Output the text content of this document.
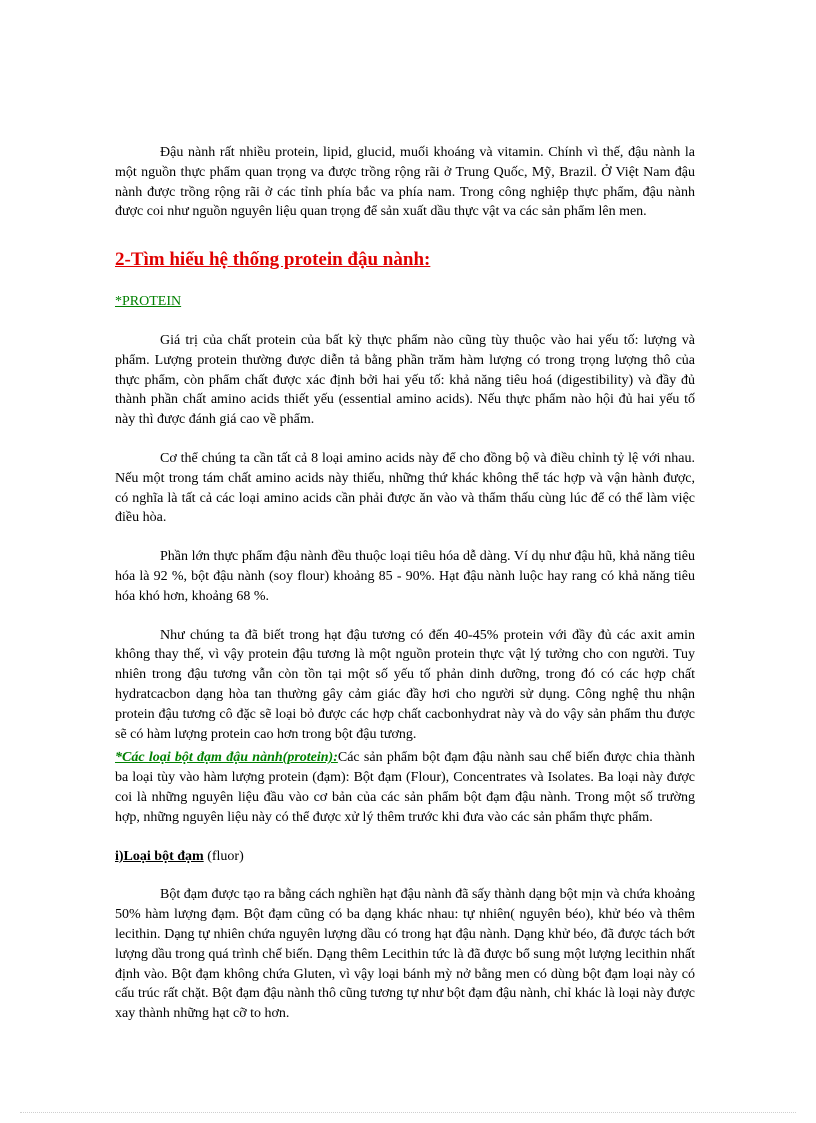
Đậu nành rất nhiều protein, lipid, glucid, muối khoáng và vitamin. Chính vì thế, đậu nành la một nguồn thực phẩm quan trọng va được trồng rộng rãi ở Trung Quốc, Mỹ, Brazil. Ở Việt Nam đậu nành được trồng rộng rãi ở các tỉnh phía bắc va phía nam. Trong công nghiệp thực phẩm, đậu nành được coi như nguồn nguyên liệu quan trọng để sản xuất dầu thực vật va các sản phẩm lên men.

2-Tìm hiểu hệ thống protein đậu nành:

*PROTEIN

Giá trị của chất protein của bất kỳ thực phẩm nào cũng tùy thuộc vào hai yếu tố: lượng và phẩm. Lượng protein thường được diễn tả bằng phần trăm hàm lượng có trong trọng lượng thô của thực phẩm, còn phẩm chất được xác định bởi hai yếu tố: khả năng tiêu hoá (digestibility) và đầy đủ thành phần chất amino acids thiết yếu (essential amino acids). Nếu thực phẩm nào hội đủ hai yếu tố này thì được đánh giá cao về phẩm.

Cơ thể chúng ta cần tất cả 8 loại amino acids này để cho đồng bộ và điều chỉnh tỷ lệ với nhau. Nếu một trong tám chất amino acids này thiếu, những thứ khác không thể tác hợp và vận hành được, có nghĩa là tất cả các loại amino acids cần phải được ăn vào và thẩm thấu cùng lúc để có thể làm việc điều hòa.

Phần lớn thực phẩm đậu nành đều thuộc loại tiêu hóa dễ dàng. Ví dụ như đậu hũ, khả năng tiêu hóa là 92 %, bột đậu nành (soy flour) khoảng 85 - 90%. Hạt đậu nành luộc hay rang có khả năng tiêu hóa khó hơn, khoảng 68 %.

Như chúng ta đã biết trong hạt đậu tương có đến 40-45% protein với đầy đủ các axit amin không thay thế, vì vậy protein đậu tương là một nguồn protein thực vật lý tưởng cho con người. Tuy nhiên trong đậu tương vẫn còn tồn tại một số yếu tố phản dinh dưỡng, trong đó có các hợp chất hydratcacbon dạng hòa tan thường gây cảm giác đầy hơi cho người sử dụng. Công nghệ thu nhận protein đậu tương cô đặc sẽ loại bỏ được các hợp chất cacbonhydrat này và do vậy sản phẩm thu được sẽ có hàm lượng protein cao hơn trong bột đậu tương.

*Các loại bột đạm đậu nành(protein):Các sản phẩm bột đạm đậu nành sau chế biến được chia thành ba loại tùy vào hàm lượng protein (đạm): Bột đạm (Flour), Concentrates và Isolates. Ba loại này được coi là những nguyên liệu đầu vào cơ bản của các sản phẩm bột đạm đậu nành. Trong một số trường hợp, những nguyên liệu này có thể được xử lý thêm trước khi đưa vào các sản phẩm thực phẩm.

i)Loại bột đạm (fluor)

Bột đạm được tạo ra bằng cách nghiền hạt đậu nành đã sấy thành dạng bột mịn và chứa khoảng 50% hàm lượng đạm. Bột đạm cũng có ba dạng khác nhau: tự nhiên( nguyên béo), khử béo và thêm lecithin. Dạng tự nhiên chứa nguyên lượng dầu có trong hạt đậu nành. Dạng khử béo, đã được tách bớt lượng dầu trong quá trình chế biến. Dạng thêm Lecithin tức là đã được bổ sung một lượng lecithin nhất định vào. Bột đạm không chứa Gluten, vì vậy loại bánh mỳ nở bằng men có dùng bột đạm loại này có cấu trúc rất chặt. Bột đạm đậu nành thô cũng tương tự như bột đạm đậu nành, chỉ khác là loại này được xay thành những hạt cỡ to hơn.
